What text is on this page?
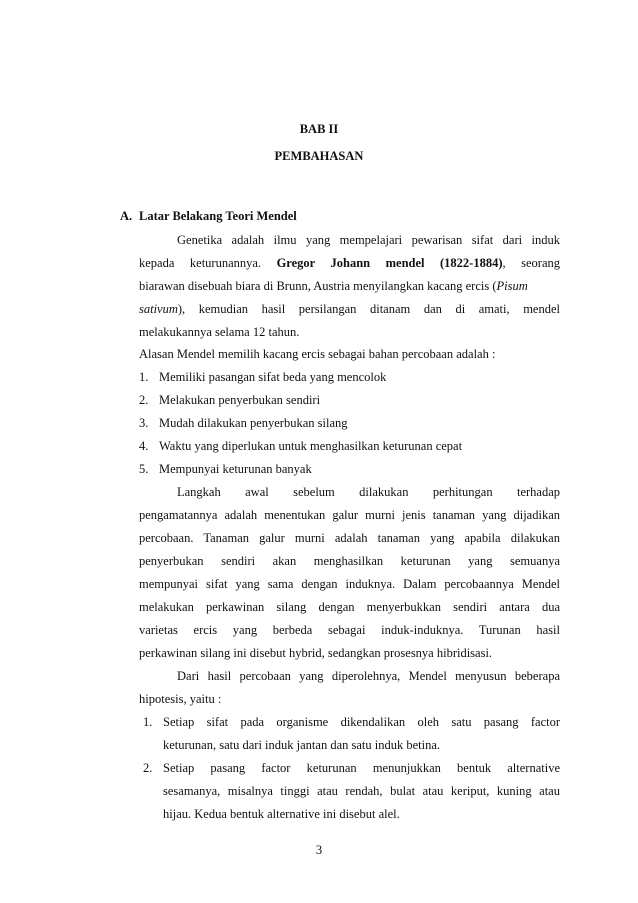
BAB II
PEMBAHASAN
A. Latar Belakang Teori Mendel
Genetika adalah ilmu yang mempelajari pewarisan sifat dari induk
kepada keturunannya. Gregor Johann mendel (1822-1884), seorang
biarawan disebuah biara di Brunn, Austria menyilangkan kacang ercis (Pisum
sativum), kemudian hasil persilangan ditanam dan di amati, mendel
melakukannya selama 12 tahun.
Alasan Mendel memilih kacang ercis sebagai bahan percobaan adalah :
1. Memiliki pasangan sifat beda yang mencolok
2. Melakukan penyerbukan sendiri
3. Mudah dilakukan penyerbukan silang
4. Waktu yang diperlukan untuk menghasilkan keturunan cepat
5. Mempunyai keturunan banyak
Langkah awal sebelum dilakukan perhitungan terhadap
pengamatannya adalah menentukan galur murni jenis tanaman yang dijadikan
percobaan. Tanaman galur murni adalah tanaman yang apabila dilakukan
penyerbukan sendiri akan menghasilkan keturunan yang semuanya
mempunyai sifat yang sama dengan induknya. Dalam percobaannya Mendel
melakukan perkawinan silang dengan menyerbukkan sendiri antara dua
varietas ercis yang berbeda sebagai induk-induknya. Turunan hasil
perkawinan silang ini disebut hybrid, sedangkan prosesnya hibridisasi.
Dari hasil percobaan yang diperolehnya, Mendel menyusun beberapa
hipotesis, yaitu :
1. Setiap sifat pada organisme dikendalikan oleh satu pasang factor
keturunan, satu dari induk jantan dan satu induk betina.
2. Setiap pasang factor keturunan menunjukkan bentuk alternative
sesamanya, misalnya tinggi atau rendah, bulat atau keriput, kuning atau
hijau. Kedua bentuk alternative ini disebut alel.
3
